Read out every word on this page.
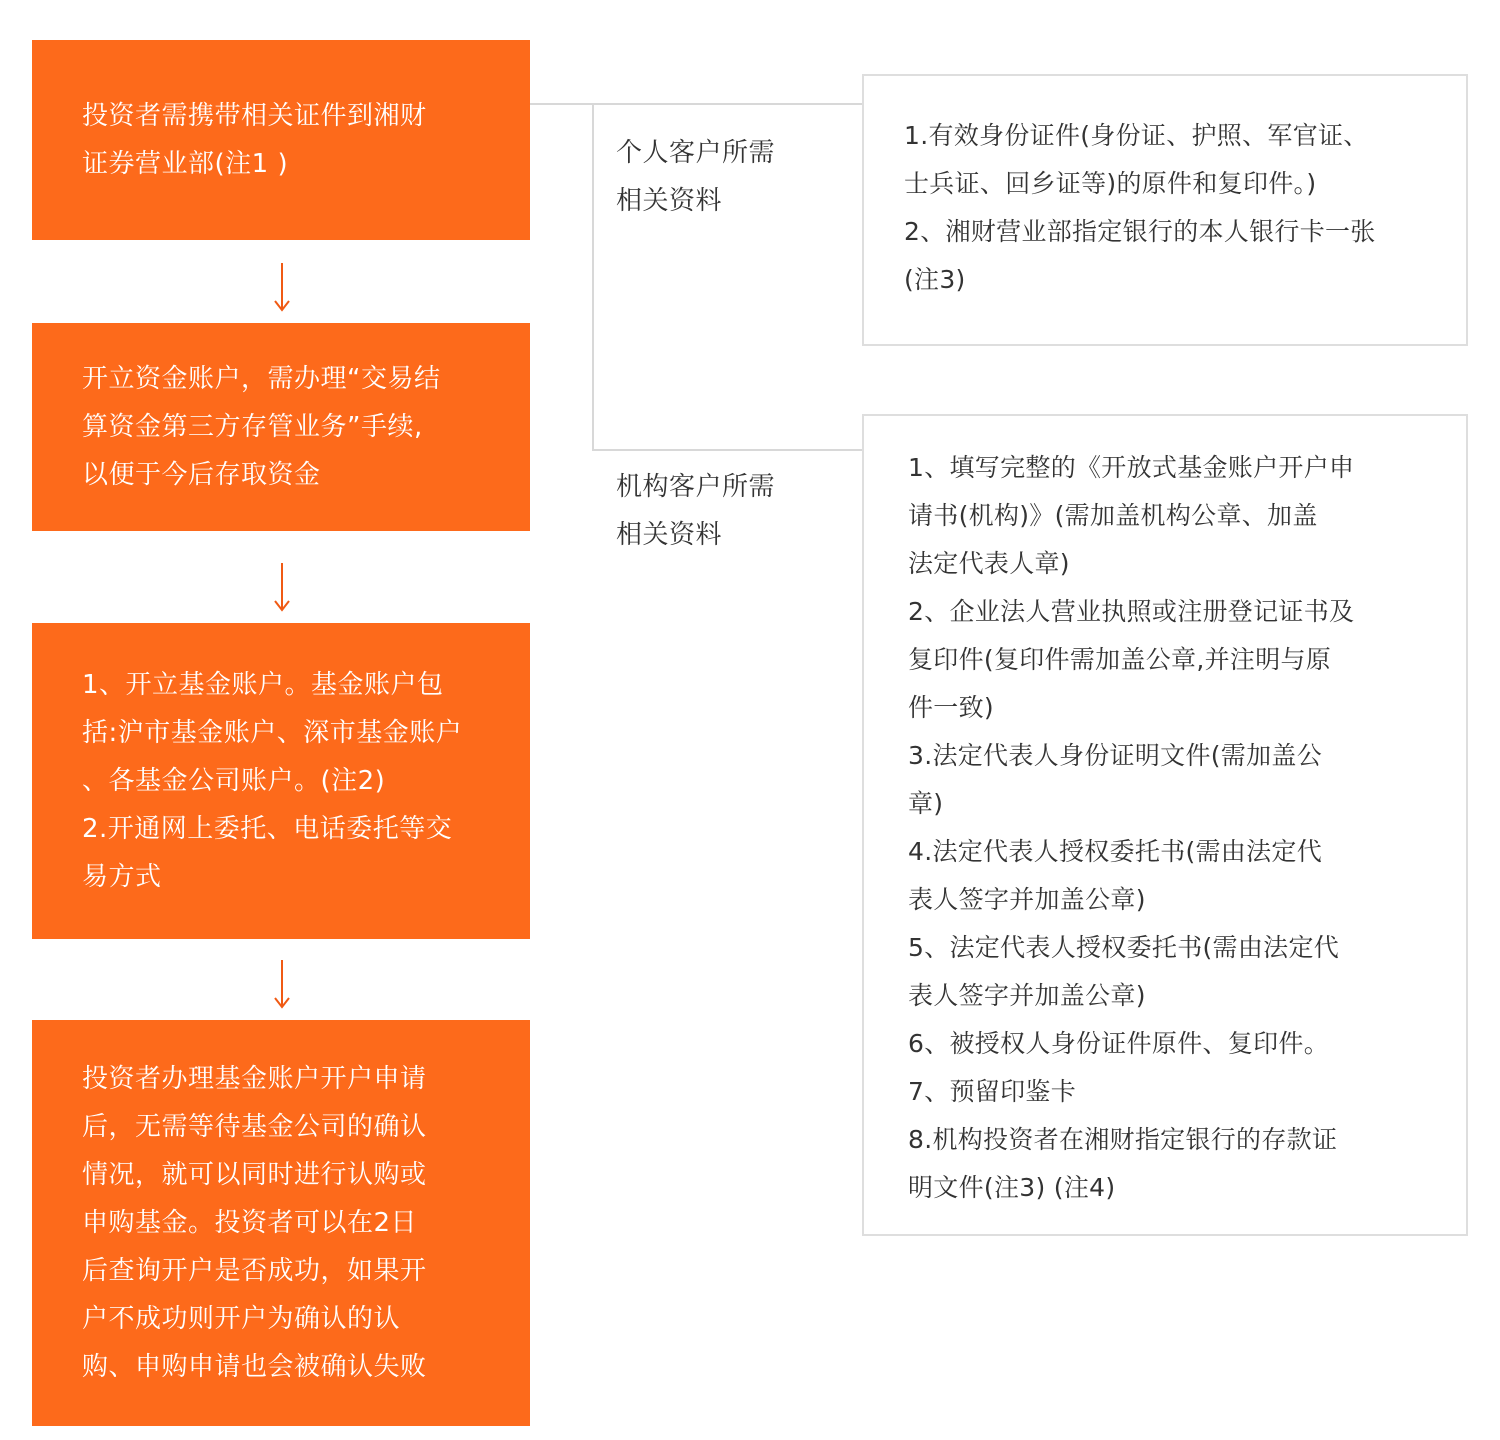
投资者需携带相关证件到湘财

证券营业部(注1 )

开立资金账户，需办理“交易结

算资金第三方存管业务”手续,

以便于今后存取资金

1、开立基金账户。基金账户包

括:沪市基金账户、深市基金账户

、各基金公司账户。(注2)

2.开通网上委托、电话委托等交

易方式

投资者办理基金账户开户申请

后，无需等待基金公司的确认

情况，就可以同时进行认购或

申购基金。投资者可以在2日

后查询开户是否成功，如果开

户不成功则开户为确认的认

购、申购申请也会被确认失败

个人客户所需

相关资料

1.有效身份证件(身份证、护照、军官证、

士兵证、回乡证等)的原件和复印件。)

2、湘财营业部指定银行的本人银行卡一张

(注3)

机构客户所需

相关资料

1、填写完整的《开放式基金账户开户申

请书(机构)》(需加盖机构公章、加盖

法定代表人章)

2、企业法人营业执照或注册登记证书及

复印件(复印件需加盖公章,并注明与原

件一致)

3.法定代表人身份证明文件(需加盖公

章)

4.法定代表人授权委托书(需由法定代

表人签字并加盖公章)

5、法定代表人授权委托书(需由法定代

表人签字并加盖公章)

6、被授权人身份证件原件、复印件。

7、预留印鉴卡

8.机构投资者在湘财指定银行的存款证

明文件(注3) (注4)
